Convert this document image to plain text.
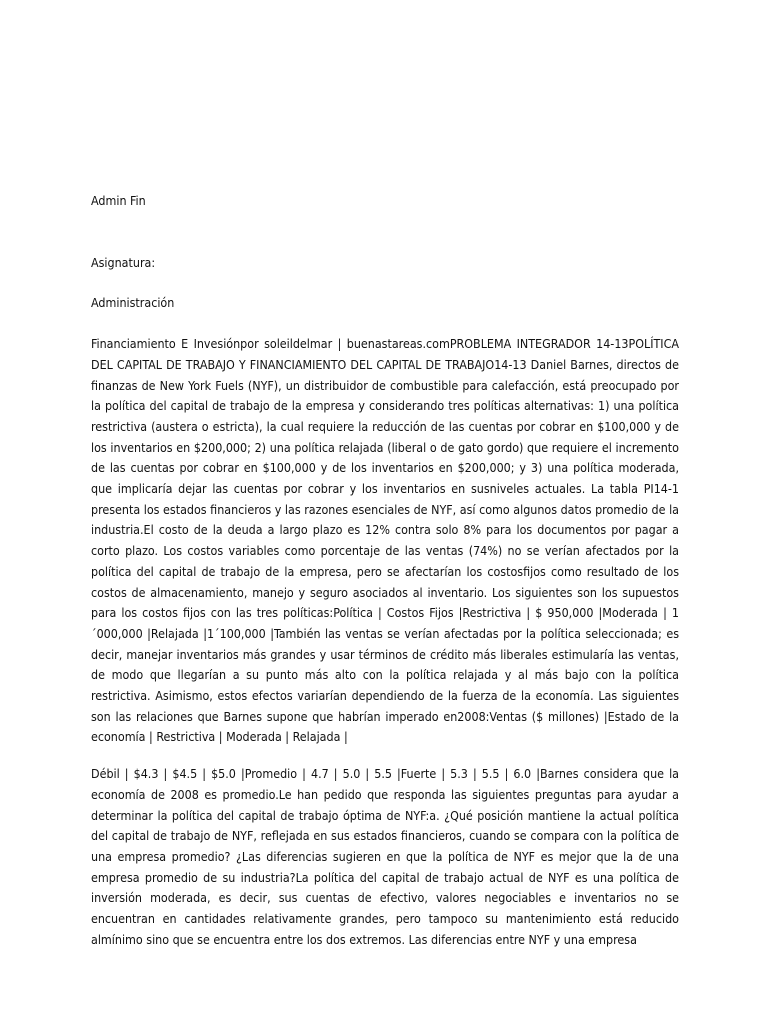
Admin Fin

Asignatura:

Administración

Financiamiento E Invesiónpor soleildelmar | buenastareas.comPROBLEMA INTEGRADOR 14-13POLÍTICA DEL CAPITAL DE TRABAJO Y FINANCIAMIENTO DEL CAPITAL DE TRABAJO14-13 Daniel Barnes, directos de finanzas de New York Fuels (NYF), un distribuidor de combustible para calefacción, está preocupado por la política del capital de trabajo de la empresa y considerando tres políticas alternativas: 1) una política restrictiva (austera o estricta), la cual requiere la reducción de las cuentas por cobrar en $100,000 y de los inventarios en $200,000; 2) una política relajada (liberal o de gato gordo) que requiere el incremento de las cuentas por cobrar en $100,000 y de los inventarios en $200,000; y 3) una política moderada, que implicaría dejar las cuentas por cobrar y los inventarios en susniveles actuales. La tabla PI14-1 presenta los estados financieros y las razones esenciales de NYF, así como algunos datos promedio de la industria.El costo de la deuda a largo plazo es 12% contra solo 8% para los documentos por pagar a corto plazo. Los costos variables como porcentaje de las ventas (74%) no se verían afectados por la política del capital de trabajo de la empresa, pero se afectarían los costosfijos como resultado de los costos de almacenamiento, manejo y seguro asociados al inventario. Los siguientes son los supuestos para los costos fijos con las tres políticas:Política | Costos Fijos |Restrictiva | $ 950,000 |Moderada | 1´000,000 |Relajada |1´100,000 |También las ventas se verían afectadas por la política seleccionada; es decir, manejar inventarios más grandes y usar términos de crédito más liberales estimularía las ventas, de modo que llegarían a su punto más alto con la política relajada y al más bajo con la política restrictiva. Asimismo, estos efectos variarían dependiendo de la fuerza de la economía. Las siguientes son las relaciones que Barnes supone que habrían imperado en2008:Ventas ($ millones) |Estado de la economía | Restrictiva | Moderada | Relajada |

Débil | $4.3 | $4.5 | $5.0 |Promedio | 4.7 | 5.0 | 5.5 |Fuerte | 5.3 | 5.5 | 6.0 |Barnes considera que la economía de 2008 es promedio.Le han pedido que responda las siguientes preguntas para ayudar a determinar la política del capital de trabajo óptima de NYF:a. ¿Qué posición mantiene la actual política del capital de trabajo de NYF, reflejada en sus estados financieros, cuando se compara con la política de una empresa promedio? ¿Las diferencias sugieren en que la política de NYF es mejor que la de una empresa promedio de su industria?La política del capital de trabajo actual de NYF es una política de inversión moderada, es decir, sus cuentas de efectivo, valores negociables e inventarios no se encuentran en cantidades relativamente grandes, pero tampoco su mantenimiento está reducido almínimo sino que se encuentra entre los dos extremos. Las diferencias entre NYF y una empresa
